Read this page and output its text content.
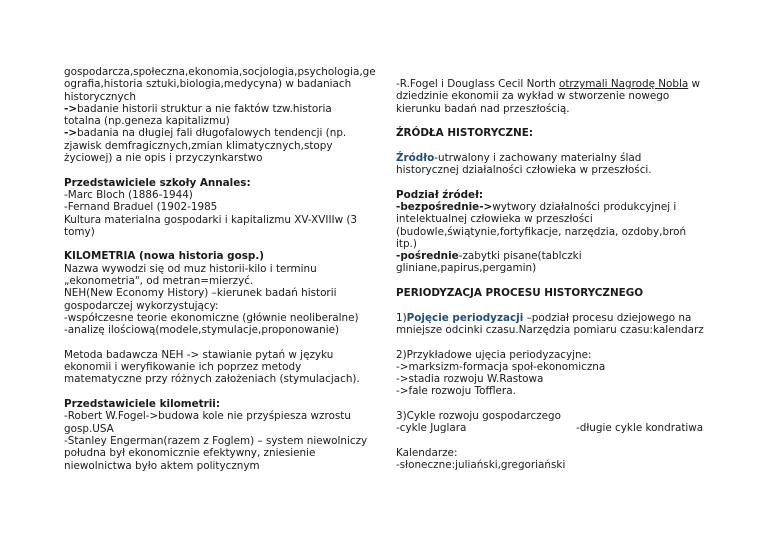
gospodarcza,społeczna,ekonomia,socjologia,psychologia,ge

ografia,historia sztuki,biologia,medycyna) w badaniach

historycznych

->badanie historii struktur a nie faktów tzw.historia totalna (np.geneza kapitalizmu)

->badania na długiej fali długofalowych tendencji (np. zjawisk demfragicznych,zmian klimatycznych,stopy życiowej) a nie opis i przyczynkarstwo

Przedstawiciele szkoły Annales:

-Marc Bloch (1886-1944)

-Fernand Braduel (1902-1985

Kultura materialna gospodarki i kapitalizmu XV-XVIIIw (3 tomy)

KILOMETRIA (nowa historia gosp.)

Nazwa wywodzi się od muz historii-kilo i terminu „ekonometria", od metran=mierzyć.

NEH(New Economy History) –kierunek badań historii gospodarczej wykorzystujący:

-współczesne teorie ekonomiczne (głównie neoliberalne)

-analizę ilościową(modele,stymulacje,proponowanie)

Metoda badawcza NEH -> stawianie pytań w języku ekonomii i weryfikowanie ich poprzez metody matematyczne przy różnych założeniach (stymulacjach).

Przedstawiciele kilometrii:

-Robert W.Fogel->budowa kole nie przyśpiesza wzrostu gosp.USA

-Stanley Engerman(razem z Foglem) – system niewolniczy połudna był ekonomicznie efektywny, zniesienie niewolnictwa było aktem politycznym

-R.Fogel i Douglass Cecil North otrzymali Nagrodę Nobla w dziedzinie ekonomii za wykład w stworzenie nowego kierunku badań nad przeszłością.

ŹRÓDŁA HISTORYCZNE:

Źródło-utrwalony i zachowany materialny ślad historycznej działalności człowieka w przeszłości.

Podział źródeł:

-bezpośrednie->wytwory działalności produkcyjnej i intelektualnej człowieka w przeszłości (budowle,świątynie,fortyfikacje, narzędzia, ozdoby,broń itp.)

-pośrednie-zabytki pisane(tablczki gliniane,papirus,pergamin)

PERIODYZACJA PROCESU HISTORYCZNEGO

1)Pojęcie periodyzacji –podział procesu dziejowego na mniejsze odcinki czasu.Narzędzia pomiaru czasu:kalendarz

2)Przykładowe ujęcia periodyzacyjne:

->marksizm-formacja społ-ekonomiczna

->stadia rozwoju W.Rastowa

->fale rozwoju Tofflera.

3)Cykle rozwoju gospodarczego

-cykle Juglara	-długie cykle kondratiwa

Kalendarze:

-słoneczne:juliański,gregoriański
